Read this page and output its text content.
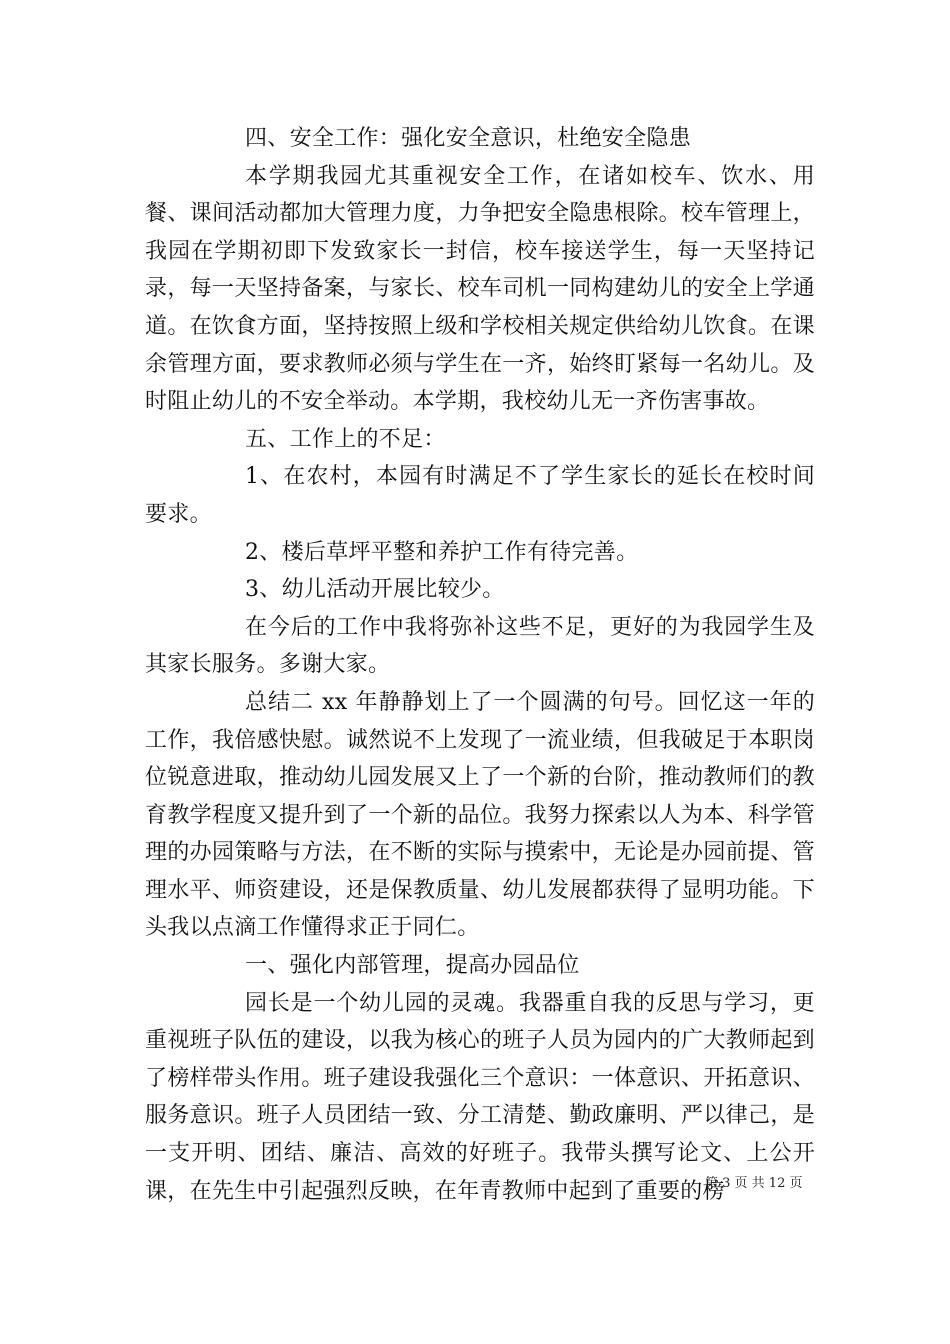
四、安全工作：强化安全意识，杜绝安全隐患

本学期我园尤其重视安全工作，在诸如校车、饮水、用餐、课间活动都加大管理力度，力争把安全隐患根除。校车管理上，我园在学期初即下发致家长一封信，校车接送学生，每一天坚持记录，每一天坚持备案，与家长、校车司机一同构建幼儿的安全上学通道。在饮食方面，坚持按照上级和学校相关规定供给幼儿饮食。在课余管理方面，要求教师必须与学生在一齐，始终盯紧每一名幼儿。及时阻止幼儿的不安全举动。本学期，我校幼儿无一齐伤害事故。

五、工作上的不足：

1、在农村，本园有时满足不了学生家长的延长在校时间要求。

2、楼后草坪平整和养护工作有待完善。

3、幼儿活动开展比较少。

在今后的工作中我将弥补这些不足，更好的为我园学生及其家长服务。多谢大家。

总结二 xx 年静静划上了一个圆满的句号。回忆这一年的工作，我倍感快慰。诚然说不上发现了一流业绩，但我破足于本职岗位锐意进取，推动幼儿园发展又上了一个新的台阶，推动教师们的教育教学程度又提升到了一个新的品位。我努力探索以人为本、科学管理的办园策略与方法，在不断的实际与摸索中，无论是办园前提、管理水平、师资建设，还是保教质量、幼儿发展都获得了显明功能。下头我以点滴工作懂得求正于同仁。

一、强化内部管理，提高办园品位

园长是一个幼儿园的灵魂。我器重自我的反思与学习，更重视班子队伍的建设，以我为核心的班子人员为园内的广大教师起到了榜样带头作用。班子建设我强化三个意识：一体意识、开拓意识、服务意识。班子人员团结一致、分工清楚、勤政廉明、严以律己，是一支开明、团结、廉洁、高效的好班子。我带头撰写论文、上公开课，在先生中引起强烈反映，在年青教师中起到了重要的榜

第 3 页 共 12 页
